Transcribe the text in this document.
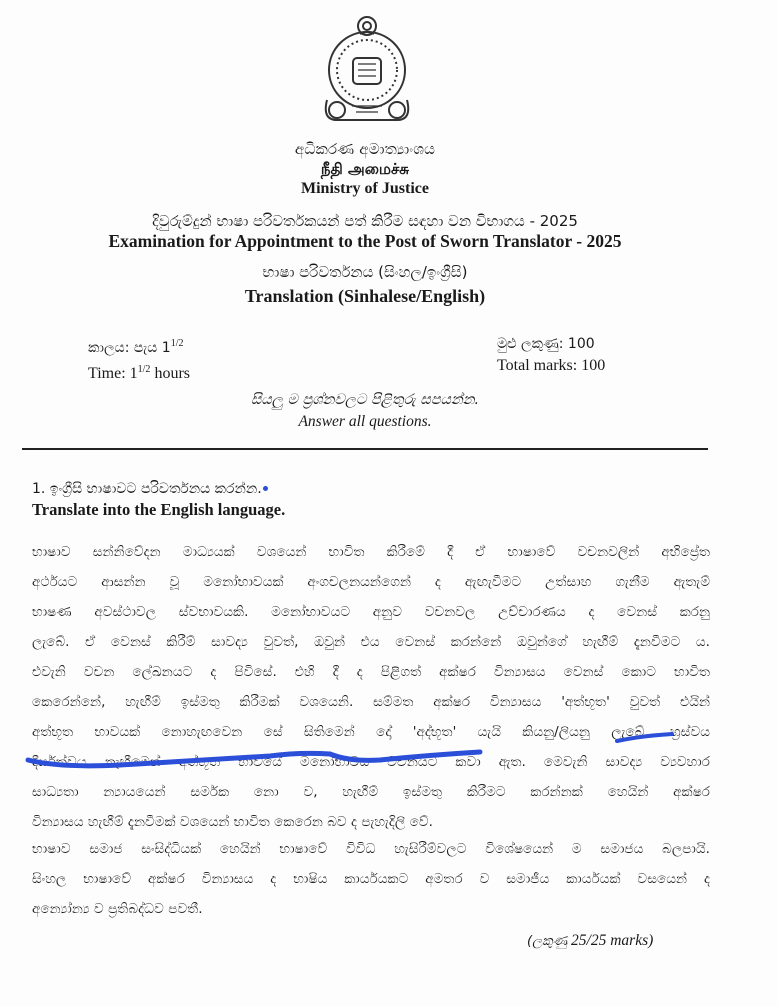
අධිකරණ අමාත්‍යාංශය
நீதி அமைச்சு
Ministry of Justice
දිවුරුම්දුන් භාෂා පරිවර්තකයන් පත් කිරීම සඳහා වන විභාගය - 2025
Examination for Appointment to the Post of Sworn Translator - 2025
භාෂා පරිවර්තනය (සිංහල/ඉංග්‍රීසි)
Translation (Sinhalese/English)
කාලය: පැය $1^{1/2}$
Time: $1^{1/2}$ hours
මුළු ලකුණු: 100
Total marks: 100
සියලු ම ප්‍රශ්නවලට පිළිතුරු සපයන්න.
Answer all questions.
1. ඉංග්‍රීසි භාෂාවට පරිවර්තනය කරන්න.
Translate into the English language.
භාෂාව සන්නිවේදන මාධ්‍යයක් වශයෙන් භාවිත කිරීමේ දී ඒ භාෂාවේ වචනවලින් අභිප්‍රේත
අර්ථයට ආසන්න වූ මනෝභාවයක් අංගචලනයන්ගෙන් ද ඇඟැවීමට උත්සාහ ගැනීම ඇතැම්
භාෂණ අවස්ථාවල ස්වභාවයකි. මනෝභාවයට අනුව වචනවල උච්චාරණය ද වෙනස් කරනු
ලැබේ. ඒ වෙනස් කිරීම් සාවද්‍ය වුවත්, ඔවුන් එය වෙනස් කරන්නේ ඔවුන්ගේ හැඟීම් දැනවීමට ය.
එවැනි වචන ලේඛනයට ද පිවිසේ. එහි දී ද පිළිගත් අක්ෂර වින්‍යාසය වෙනස් කොට භාවිත
කෙරෙන්නේ, හැඟීම් ඉස්මතු කිරීමක් වශයෙනි. සම්මත අක්ෂර වින්‍යාසය 'අත්භූත' වුවත් එයින්
අත්භූත භාවයක් නොහැඟවෙන සේ සිතිමෙන් දෝ 'අද්භූත' යැයි කියනු/ලියනු ලැබේ. හ්‍රස්වය
දීර්ඝත්වය නැඟීමෙන් අත්භූත භාවයේ මනෝභාවය වචනයට කවා ඇත. මෙවැනි සාවද්‍ය ව්‍යවහාර
සාධ්‍යතා න්‍යායයෙන් සර්මක නො ව, හැඟීම් ඉස්මතු කිරීමට කරන්නක් හෙයින් අක්ෂර
වින්‍යාසය හැඟීම් දැනවීමක් වශයෙන් භාවිත කෙරෙන බව ද පැහැදිලි වේ.
භාෂාව සමාජ සංසිද්ධියක් හෙයින් භාෂාවේ විවිධ හැසිරීම්වලට විශේෂයෙන් ම සමාජය බලපායි.
සිංහල භාෂාවේ අක්ෂර වින්‍යාසය ද භාෂිය කාර්යයකට අමතර ව සමාජීය කාර්යයක් වසයෙන් ද
අන්‍යෝන්‍ය ව ප්‍රතිබද්ධව පවතී.
(ලකුණු 25/25 marks)
